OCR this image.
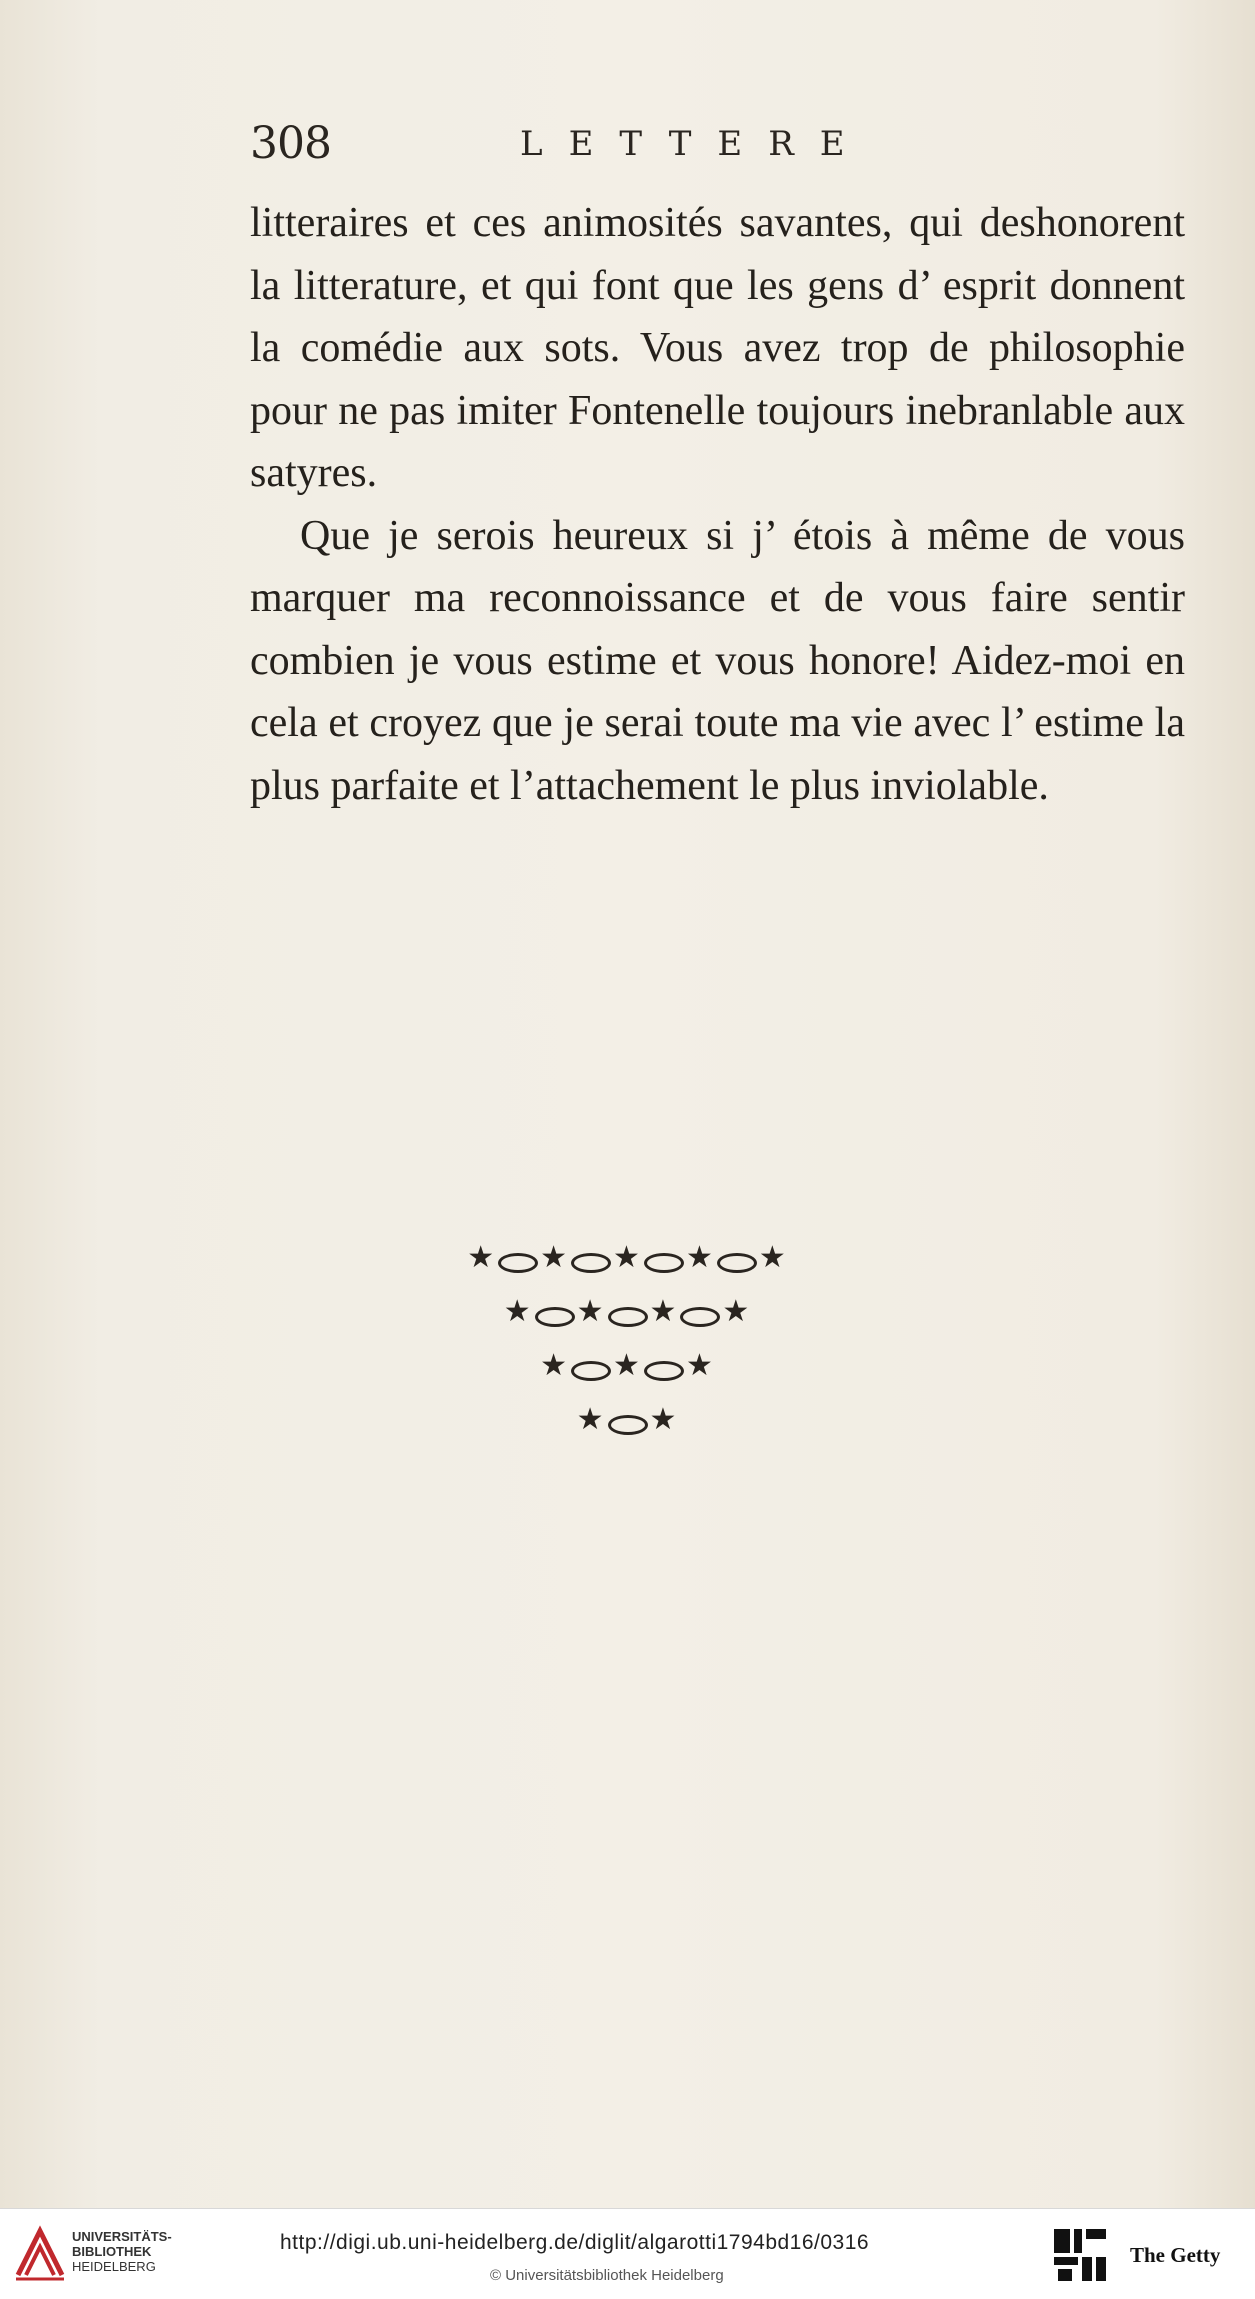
308	LETTERE

litteraires et ces animosités savantes, qui deshonorent la litterature, et qui font que les gens d’ esprit donnent la comédie aux sots. Vous avez trop de philosophie pour ne pas imiter Fontenelle toujours inebranlable aux satyres.

Que je serois heureux si j’ étois à même de vous marquer ma reconnoissance et de vous faire sentir combien je vous estime et vous honore! Aidez-moi en cela et croyez que je serai toute ma vie avec l’ estime la plus parfaite et l’attachement le plus inviolable.

★ ★ ★ ★ ★
★ ★ ★ ★
★ ★ ★
★ ★
UNIVERSITÄTS-
BIBLIOTHEK
HEIDELBERG
http://digi.ub.uni-heidelberg.de/diglit/algarotti1794bd16/0316
© Universitätsbibliothek Heidelberg
The Getty
